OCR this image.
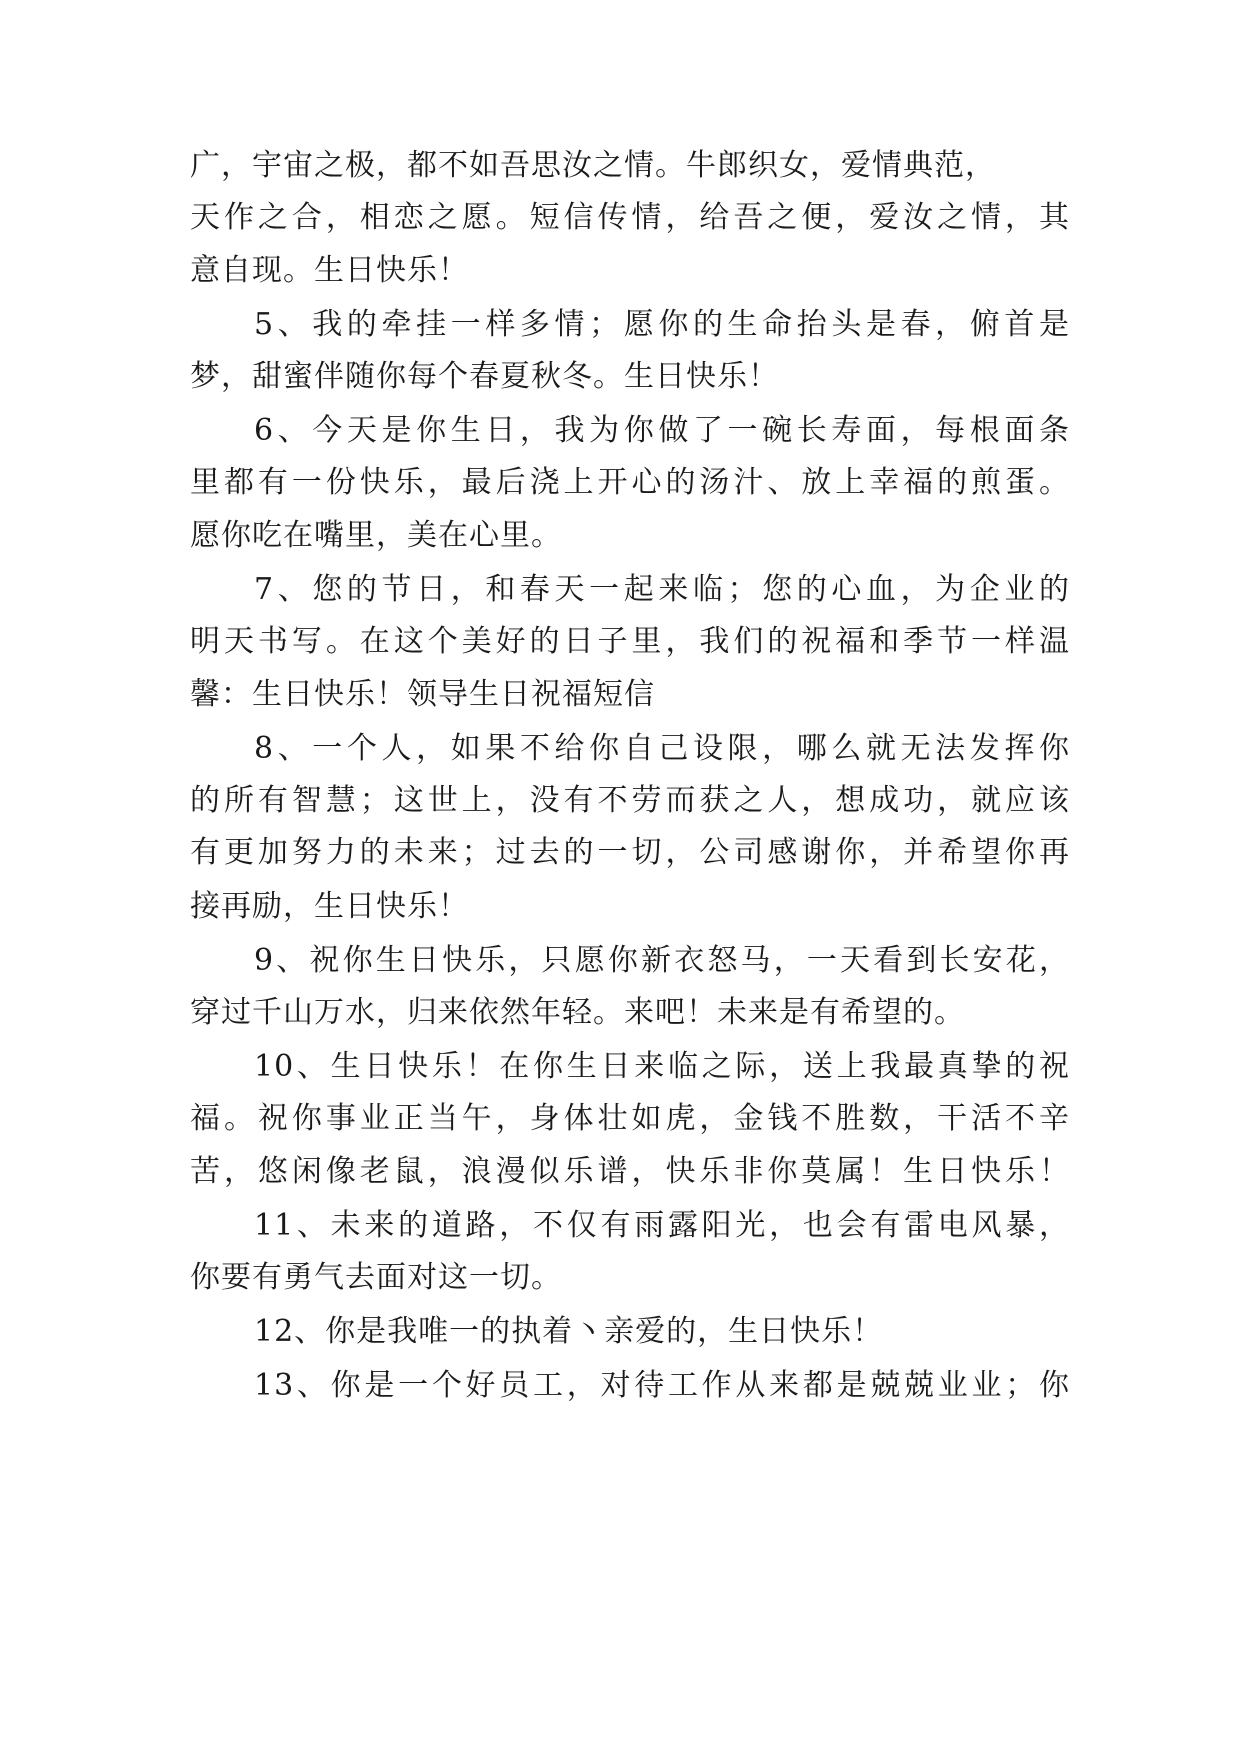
广，宇宙之极，都不如吾思汝之情。牛郎织女，爱情典范，
天作之合，相恋之愿。短信传情，给吾之便，爱汝之情，其
意自现。生日快乐！
5、我的牵挂一样多情；愿你的生命抬头是春，俯首是
梦，甜蜜伴随你每个春夏秋冬。生日快乐！
6、今天是你生日，我为你做了一碗长寿面，每根面条
里都有一份快乐，最后浇上开心的汤汁、放上幸福的煎蛋。
愿你吃在嘴里，美在心里。
7、您的节日，和春天一起来临；您的心血，为企业的
明天书写。在这个美好的日子里，我们的祝福和季节一样温
馨：生日快乐！领导生日祝福短信
8、一个人，如果不给你自己设限，哪么就无法发挥你
的所有智慧；这世上，没有不劳而获之人，想成功，就应该
有更加努力的未来；过去的一切，公司感谢你，并希望你再
接再励，生日快乐！
9、祝你生日快乐，只愿你新衣怒马，一天看到长安花，
穿过千山万水，归来依然年轻。来吧！未来是有希望的。
10、生日快乐！在你生日来临之际，送上我最真挚的祝
福。祝你事业正当午，身体壮如虎，金钱不胜数，干活不辛
苦，悠闲像老鼠，浪漫似乐谱，快乐非你莫属！生日快乐！
11、未来的道路，不仅有雨露阳光，也会有雷电风暴，
你要有勇气去面对这一切。
12、你是我唯一的执着丶亲爱的，生日快乐！
13、你是一个好员工，对待工作从来都是兢兢业业；你
